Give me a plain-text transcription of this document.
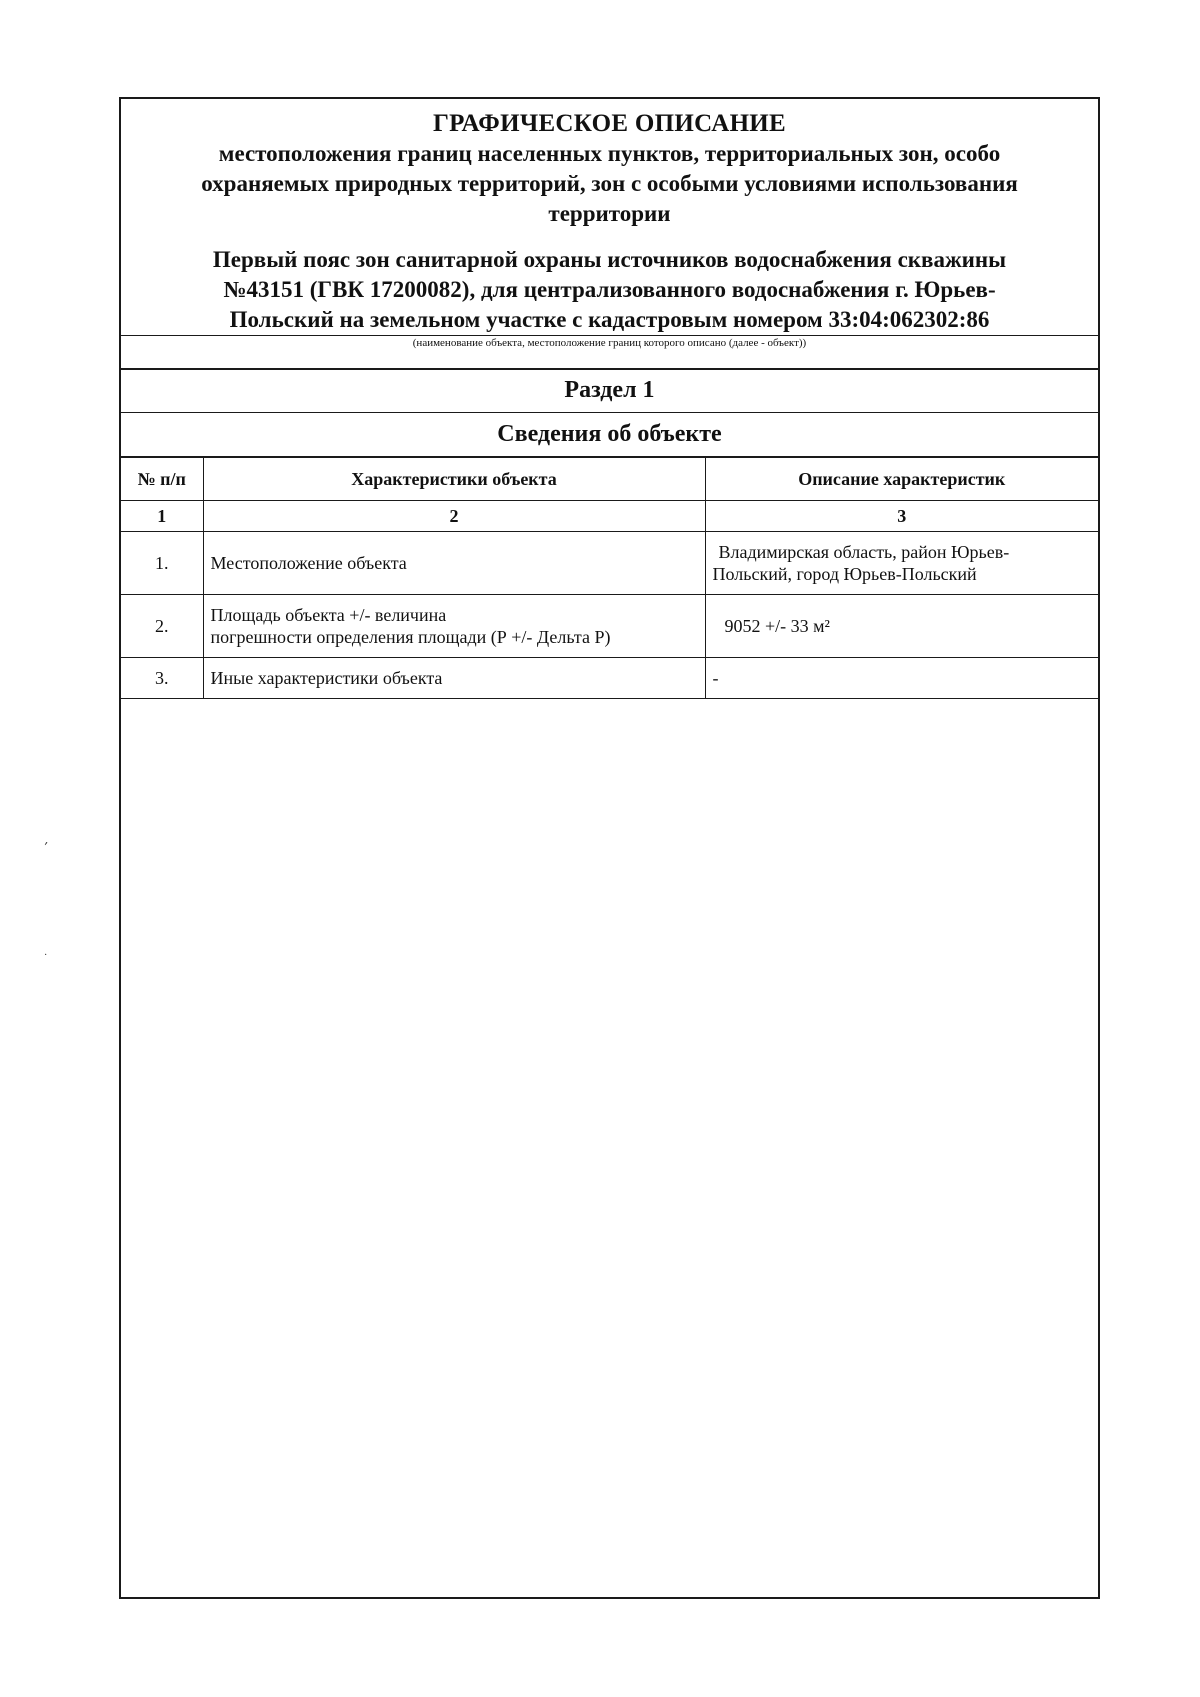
ГРАФИЧЕСКОЕ ОПИСАНИЕ
местоположения границ населенных пунктов, территориальных зон, особо
охраняемых природных территорий, зон с особыми условиями использования
территории
Первый пояс зон санитарной охраны источников водоснабжения скважины
№43151 (ГВК 17200082), для централизованного водоснабжения г. Юрьев-
Польский на земельном участке с кадастровым номером 33:04:062302:86
(наименование объекта, местоположение границ которого описано (далее - объект))
Раздел 1
Сведения об объекте
№ п/п	Характеристики объекта	Описание характеристик
1	2	3
1.	Местоположение объекта	Владимирская область, район Юрьев-
Польский, город Юрьев-Польский

2.	Площадь объекта +/- величина
погрешности определения площади (Р +/- Дельта Р)	9052 +/- 33 м²

3.	Иные характеристики объекта	-
′
·
